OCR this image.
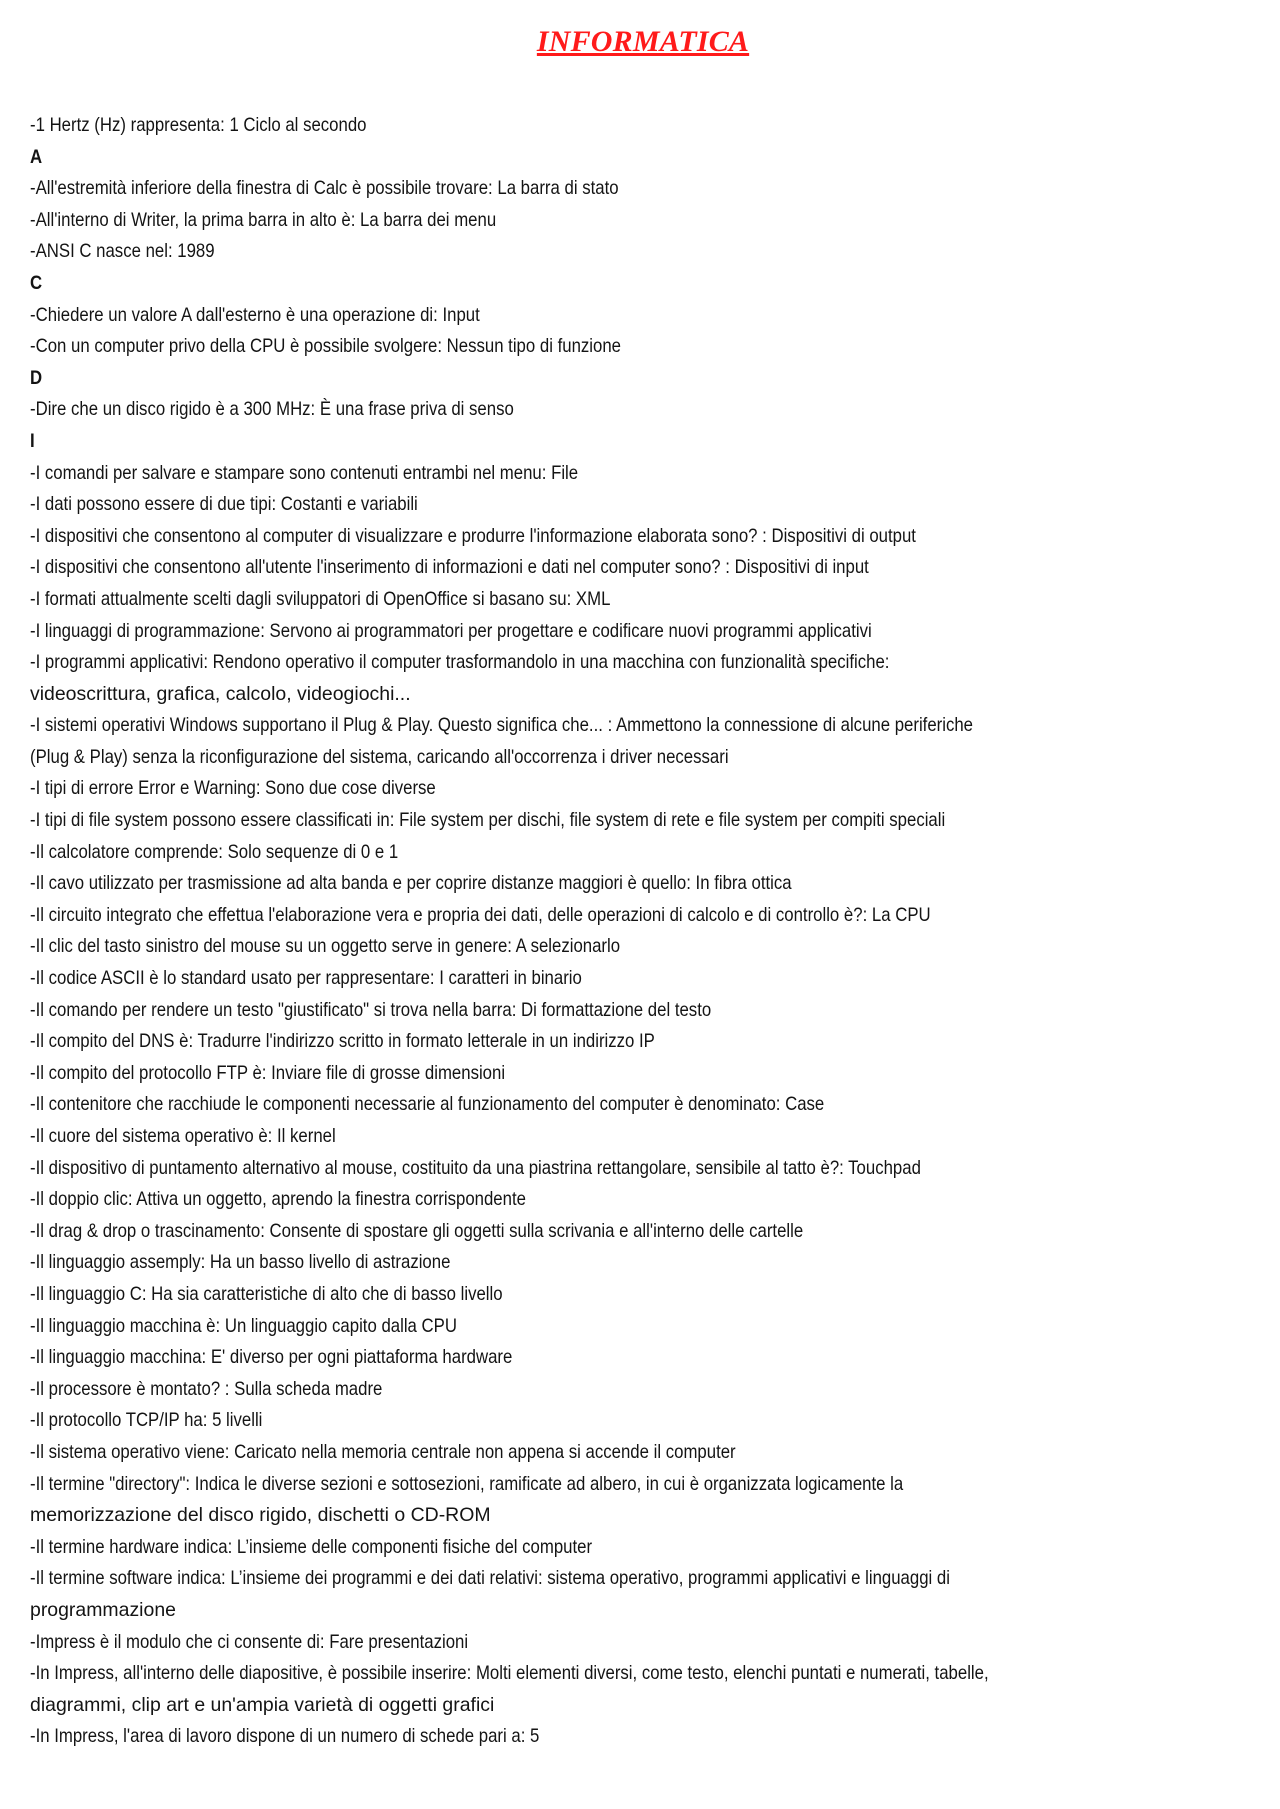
INFORMATICA
-1 Hertz (Hz) rappresenta: 1 Ciclo al secondo
A
-All'estremità inferiore della finestra di Calc è possibile trovare: La barra di stato
-All'interno di Writer, la prima barra in alto è: La barra dei menu
-ANSI C nasce nel: 1989
C
-Chiedere un valore A dall'esterno è una operazione di: Input
-Con un computer privo della CPU è possibile svolgere: Nessun tipo di funzione
D
-Dire che un disco rigido è a 300 MHz: È una frase priva di senso
I
-I comandi per salvare e stampare sono contenuti entrambi nel menu: File
-I dati possono essere di due tipi: Costanti e variabili
-I dispositivi che consentono al computer di visualizzare e produrre l'informazione elaborata sono? : Dispositivi di output
-I dispositivi che consentono all'utente l'inserimento di informazioni e dati nel computer sono? : Dispositivi di input
-I formati attualmente scelti dagli sviluppatori di OpenOffice si basano su: XML
-I linguaggi di programmazione: Servono ai programmatori per progettare e codificare nuovi programmi applicativi
-I programmi applicativi: Rendono operativo il computer trasformandolo in una macchina con funzionalità specifiche:
videoscrittura, grafica, calcolo, videogiochi...
-I sistemi operativi Windows supportano il Plug & Play. Questo significa che... : Ammettono la connessione di alcune periferiche
(Plug & Play) senza la riconfigurazione del sistema, caricando all'occorrenza i driver necessari
-I tipi di errore Error e Warning: Sono due cose diverse
-I tipi di file system possono essere classificati in: File system per dischi, file system di rete e file system per compiti speciali
-Il calcolatore comprende: Solo sequenze di 0 e 1
-Il cavo utilizzato per trasmissione ad alta banda e per coprire distanze maggiori è quello: In fibra ottica
-Il circuito integrato che effettua l'elaborazione vera e propria dei dati, delle operazioni di calcolo e di controllo è?: La CPU
-Il clic del tasto sinistro del mouse su un oggetto serve in genere: A selezionarlo
-Il codice ASCII è lo standard usato per rappresentare: I caratteri in binario
-Il comando per rendere un testo "giustificato" si trova nella barra: Di formattazione del testo
-Il compito del DNS è: Tradurre l'indirizzo scritto in formato letterale in un indirizzo IP
-Il compito del protocollo FTP è: Inviare file di grosse dimensioni
-Il contenitore che racchiude le componenti necessarie al funzionamento del computer è denominato: Case
-Il cuore del sistema operativo è: Il kernel
-Il dispositivo di puntamento alternativo al mouse, costituito da una piastrina rettangolare, sensibile al tatto è?: Touchpad
-Il doppio clic: Attiva un oggetto, aprendo la finestra corrispondente
-Il drag & drop o trascinamento: Consente di spostare gli oggetti sulla scrivania e all'interno delle cartelle
-Il linguaggio assemply: Ha un basso livello di astrazione
-Il linguaggio C: Ha sia caratteristiche di alto che di basso livello
-Il linguaggio macchina è: Un linguaggio capito dalla CPU
-Il linguaggio macchina: E' diverso per ogni piattaforma hardware
-Il processore è montato? : Sulla scheda madre
-Il protocollo TCP/IP ha: 5 livelli
-Il sistema operativo viene: Caricato nella memoria centrale non appena si accende il computer
-Il termine "directory": Indica le diverse sezioni e sottosezioni, ramificate ad albero, in cui è organizzata logicamente la
memorizzazione del disco rigido, dischetti o CD-ROM
-Il termine hardware indica: L’insieme delle componenti fisiche del computer
-Il termine software indica: L’insieme dei programmi e dei dati relativi: sistema operativo, programmi applicativi e linguaggi di
programmazione
-Impress è il modulo che ci consente di: Fare presentazioni
-In Impress, all'interno delle diapositive, è possibile inserire: Molti elementi diversi, come testo, elenchi puntati e numerati, tabelle,
diagrammi, clip art e un'ampia varietà di oggetti grafici
-In Impress, l'area di lavoro dispone di un numero di schede pari a: 5
